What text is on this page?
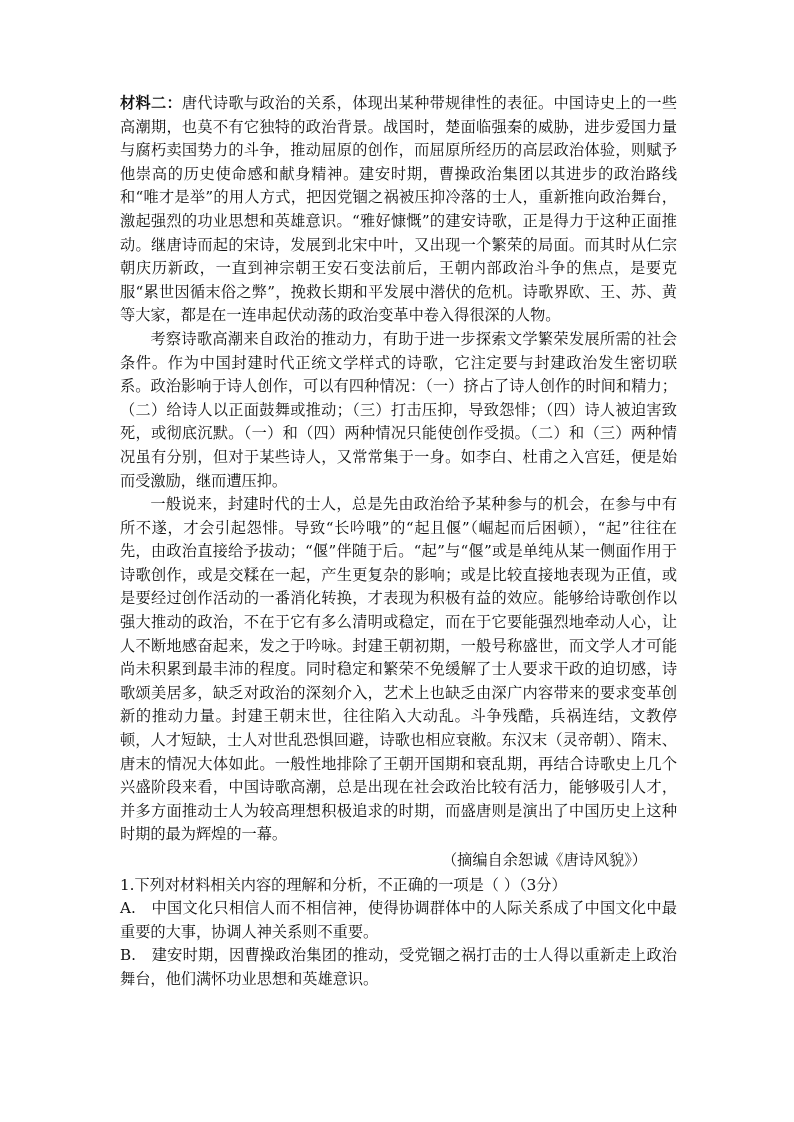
材料二：唐代诗歌与政治的关系，体现出某种带规律性的表征。中国诗史上的一些高潮期，也莫不有它独特的政治背景。战国时，楚面临强秦的威胁，进步爱国力量与腐朽卖国势力的斗争，推动屈原的创作，而屈原所经历的高层政治体验，则赋予他崇高的历史使命感和献身精神。建安时期，曹操政治集团以其进步的政治路线和“唯才是举”的用人方式，把因党锢之祸被压抑冷落的士人，重新推向政治舞台，激起强烈的功业思想和英雄意识。“雅好慷慨”的建安诗歌，正是得力于这种正面推动。继唐诗而起的宋诗，发展到北宋中叶，又出现一个繁荣的局面。而其时从仁宗朝庆历新政，一直到神宗朝王安石变法前后，王朝内部政治斗争的焦点，是要克服“累世因循末俗之弊”，挽救长期和平发展中潜伏的危机。诗歌界欧、王、苏、黄等大家，都是在一连串起伏动荡的政治变革中卷入得很深的人物。

考察诗歌高潮来自政治的推动力，有助于进一步探索文学繁荣发展所需的社会条件。作为中国封建时代正统文学样式的诗歌，它注定要与封建政治发生密切联系。政治影响于诗人创作，可以有四种情况：（一）挤占了诗人创作的时间和精力；（二）给诗人以正面鼓舞或推动；（三）打击压抑，导致怨悱；（四）诗人被迫害致死，或彻底沉默。（一）和（四）两种情况只能使创作受损。（二）和（三）两种情况虽有分别，但对于某些诗人，又常常集于一身。如李白、杜甫之入宫廷，便是始而受激励，继而遭压抑。

一般说来，封建时代的士人，总是先由政治给予某种参与的机会，在参与中有所不遂，才会引起怨悱。导致“长吟哦”的“起且偃”（崛起而后困顿），“起”往往在先，由政治直接给予拔动；“偃”伴随于后。“起”与“偃”或是单纯从某一侧面作用于诗歌创作，或是交糅在一起，产生更复杂的影响；或是比较直接地表现为正值，或是要经过创作活动的一番消化转换，才表现为积极有益的效应。能够给诗歌创作以强大推动的政治，不在于它有多么清明或稳定，而在于它要能强烈地牵动人心，让人不断地感奋起来，发之于吟咏。封建王朝初期，一般号称盛世，而文学人才可能尚未积累到最丰沛的程度。同时稳定和繁荣不免缓解了士人要求干政的迫切感，诗歌颂美居多，缺乏对政治的深刻介入，艺术上也缺乏由深广内容带来的要求变革创新的推动力量。封建王朝末世，往往陷入大动乱。斗争残酷，兵祸连结，文教停顿，人才短缺，士人对世乱恐惧回避，诗歌也相应衰敝。东汉末（灵帝朝）、隋末、唐末的情况大体如此。一般性地排除了王朝开国期和衰乱期，再结合诗歌史上几个兴盛阶段来看，中国诗歌高潮，总是出现在社会政治比较有活力，能够吸引人才，并多方面推动士人为较高理想积极追求的时期，而盛唐则是演出了中国历史上这种时期的最为辉煌的一幕。

（摘编自余恕诚《唐诗风貌》）

1.下列对材料相关内容的理解和分析，不正确的一项是（ ）（3分）

A.　中国文化只相信人而不相信神，使得协调群体中的人际关系成了中国文化中最重要的大事，协调人神关系则不重要。

B.　建安时期，因曹操政治集团的推动，受党锢之祸打击的士人得以重新走上政治舞台，他们满怀功业思想和英雄意识。
